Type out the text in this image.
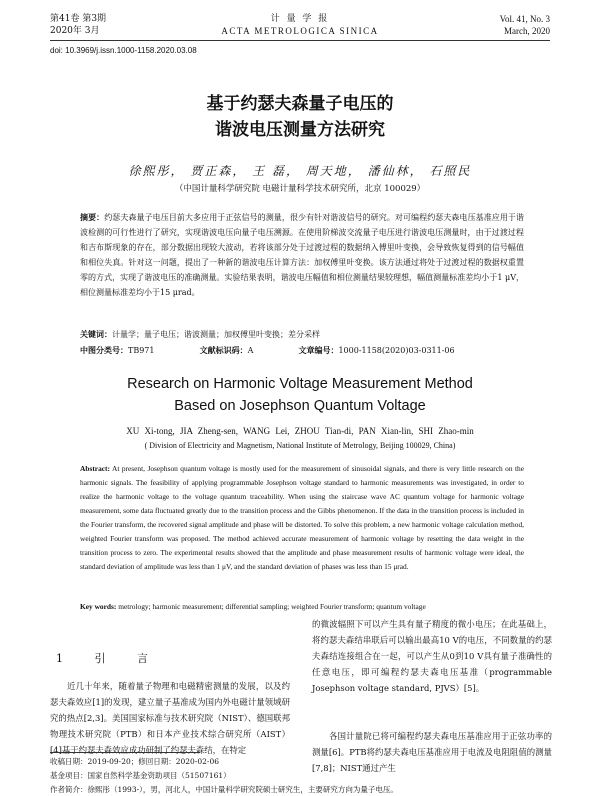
第41卷 第3期
2020年 3月
计 量 学 报
ACTA METROLOGICA SINICA
Vol. 41, No. 3
March, 2020
doi: 10.3969/j.issn.1000-1158.2020.03.08
基于约瑟夫森量子电压的
谐波电压测量方法研究
徐熙彤， 贾正森， 王 磊， 周天地， 潘仙林， 石照民
（中国计量科学研究院 电磁计量科学技术研究所，北京 100029）
摘要：约瑟夫森量子电压目前大多应用于正弦信号的测量，很少有针对谐波信号的研究。对可编程约瑟夫森电压基准应用于谐波检测的可行性进行了研究，实现谐波电压向量子电压溯源。在使用阶梯波交流量子电压进行谐波电压测量时，由于过渡过程和吉布斯现象的存在，部分数据出现较大波动，若将该部分处于过渡过程的数据纳入傅里叶变换，会导致恢复得到的信号幅值和相位失真。针对这一问题，提出了一种新的谐波电压计算方法：加权傅里叶变换。该方法通过将处于过渡过程的数据权重置零的方式，实现了谐波电压的准确测量。实验结果表明，谐波电压幅值和相位测量结果较理想，幅值测量标准差均小于1 μV，相位测量标准差均小于15 μrad。
关键词：计量学；量子电压；谐波测量；加权傅里叶变换；差分采样
中图分类号：TB971	文献标识码：A	文章编号：1000-1158(2020)03-0311-06
Research on Harmonic Voltage Measurement Method
Based on Josephson Quantum Voltage
XU Xi-tong, JIA Zheng-sen, WANG Lei, ZHOU Tian-di, PAN Xian-lin, SHI Zhao-min
( Division of Electricity and Magnetism, National Institute of Metrology, Beijing 100029, China)
Abstract: At present, Josephson quantum voltage is mostly used for the measurement of sinusoidal signals, and there is very little research on the harmonic signals. The feasibility of applying programmable Josephson voltage standard to harmonic measurements was investigated, in order to realize the harmonic voltage to the voltage quantum traceability. When using the staircase wave AC quantum voltage for harmonic voltage measurement, some data fluctuated greatly due to the transition process and the Gibbs phenomenon. If the data in the transition process is included in the Fourier transform, the recovered signal amplitude and phase will be distorted. To solve this problem, a new harmonic voltage calculation method, weighted Fourier transform was proposed. The method achieved accurate measurement of harmonic voltage by resetting the data weight in the transition process to zero. The experimental results showed that the amplitude and phase measurement results of harmonic voltage were ideal, the standard deviation of amplitude was less than 1 μV, and the standard deviation of phases was less than 15 μrad.
Key words: metrology; harmonic measurement; differential sampling; weighted Fourier transform; quantum voltage
1 引 言
近几十年来，随着量子物理和电磁精密测量的发展，以及约瑟夫森效应[1]的发现，建立量子基准成为国内外电磁计量领域研究的热点[2,3]。美国国家标准与技术研究院（NIST）、德国联邦物理技术研究院（PTB）和日本产业技术综合研究所（AIST）[4]基于约瑟夫森效应成功研制了约瑟夫森结，在特定
的微波辐照下可以产生具有量子精度的微小电压；在此基础上，将约瑟夫森结串联后可以输出最高10 V的电压，不同数量的约瑟夫森结连接组合在一起，可以产生从0到10 V具有量子准确性的任意电压，即可编程约瑟夫森电压基准（programmable Josephson voltage standard, PJVS）[5]。
各国计量院已将可编程约瑟夫森电压基准应用于正弦功率的测量[6]。PTB将约瑟夫森电压基准应用于电流及电阻阻值的测量[7,8]；NIST通过产生
收稿日期：2019-09-20；修回日期：2020-02-06
基金项目：国家自然科学基金资助项目（51507161）
作者简介：徐熙彤（1993-），男，河北人，中国计量科学研究院硕士研究生，主要研究方向为量子电压。
